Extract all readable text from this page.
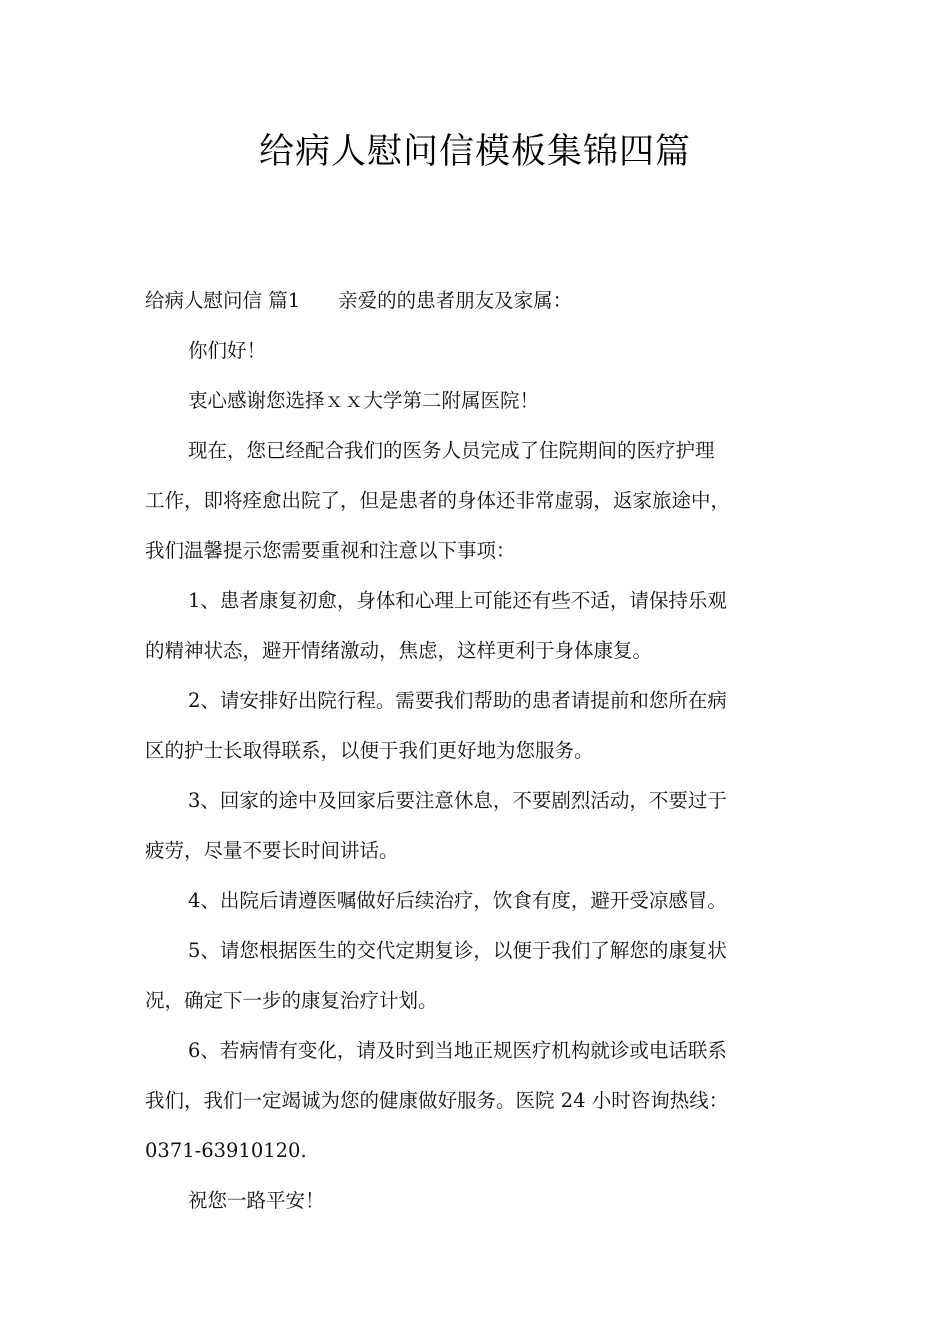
给病人慰问信模板集锦四篇
给病人慰问信 篇1 亲爱的的患者朋友及家属：
你们好！
衷心感谢您选择ｘｘ大学第二附属医院！
现在，您已经配合我们的医务人员完成了住院期间的医疗护理
工作，即将痊愈出院了，但是患者的身体还非常虚弱，返家旅途中，
我们温馨提示您需要重视和注意以下事项：
1、患者康复初愈，身体和心理上可能还有些不适，请保持乐观
的精神状态，避开情绪激动，焦虑，这样更利于身体康复。
2、请安排好出院行程。需要我们帮助的患者请提前和您所在病
区的护士长取得联系，以便于我们更好地为您服务。
3、回家的途中及回家后要注意休息，不要剧烈活动，不要过于
疲劳，尽量不要长时间讲话。
4、出院后请遵医嘱做好后续治疗，饮食有度，避开受凉感冒。
5、请您根据医生的交代定期复诊，以便于我们了解您的康复状
况，确定下一步的康复治疗计划。
6、若病情有变化，请及时到当地正规医疗机构就诊或电话联系
我们，我们一定竭诚为您的健康做好服务。医院 24 小时咨询热线：
0371-63910120.
祝您一路平安！
